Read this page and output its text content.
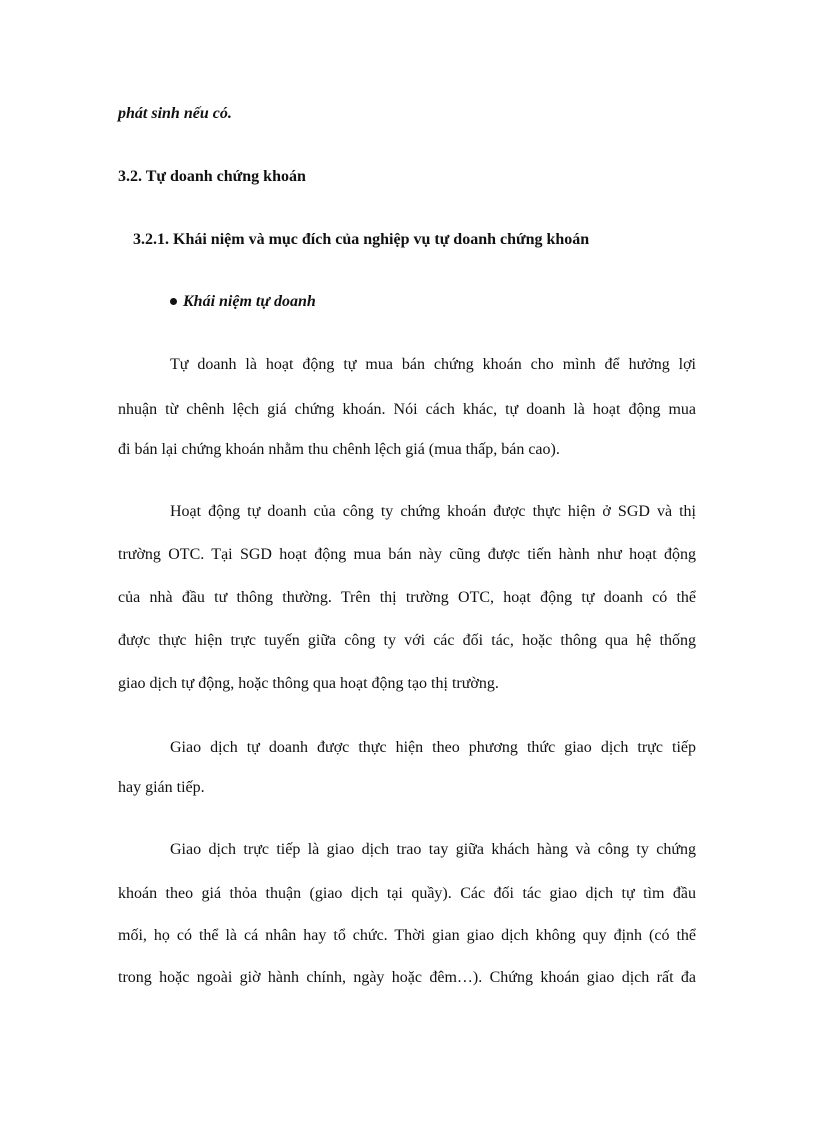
phát sinh nếu có.
3.2. Tự doanh chứng khoán
3.2.1. Khái niệm và mục đích của nghiệp vụ tự doanh chứng khoán
Khái niệm tự doanh
Tự doanh là hoạt động tự mua bán chứng khoán cho mình để hưởng lợi
nhuận từ chênh lệch giá chứng khoán. Nói cách khác, tự doanh là hoạt động mua
đi bán lại chứng khoán nhằm thu chênh lệch giá (mua thấp, bán cao).
Hoạt động tự doanh của công ty chứng khoán được thực hiện ở SGD và thị
trường OTC. Tại SGD hoạt động mua bán này cũng được tiến hành như hoạt động
của nhà đầu tư thông thường. Trên thị trường OTC, hoạt động tự doanh có thể
được thực hiện trực tuyến giữa công ty với các đối tác, hoặc thông qua hệ thống
giao dịch tự động, hoặc thông qua hoạt động tạo thị trường.
Giao dịch tự doanh được thực hiện theo phương thức giao dịch trực tiếp
hay gián tiếp.
Giao dịch trực tiếp là giao dịch trao tay giữa khách hàng và công ty chứng
khoán theo giá thỏa thuận (giao dịch tại quầy). Các đối tác giao dịch tự tìm đầu
mối, họ có thể là cá nhân hay tổ chức. Thời gian giao dịch không quy định (có thể
trong hoặc ngoài giờ hành chính, ngày hoặc đêm…). Chứng khoán giao dịch rất đa
